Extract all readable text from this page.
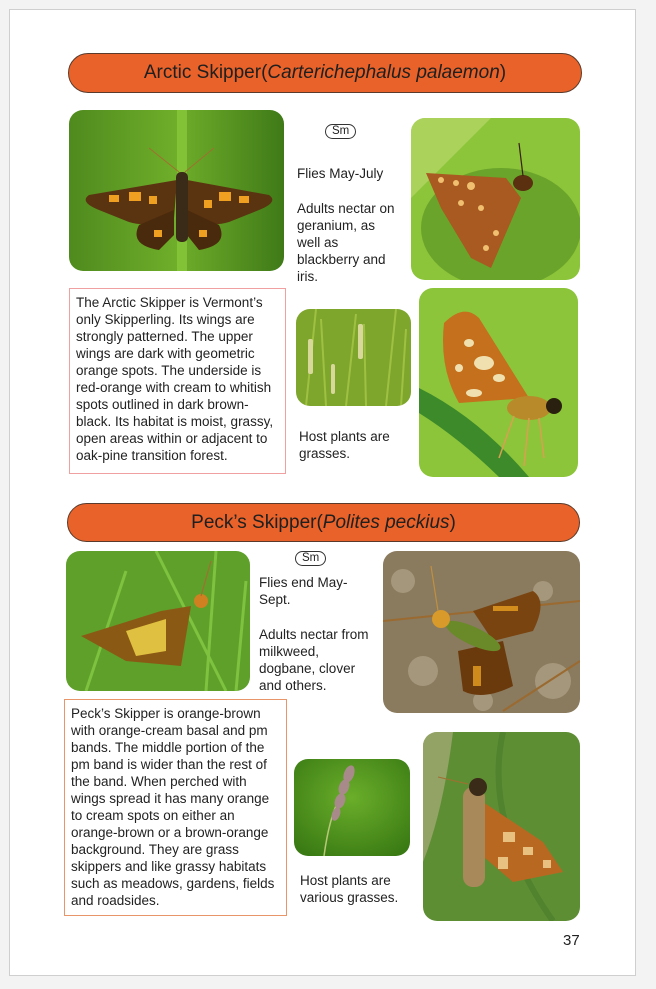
Arctic Skipper ( Carterichephalus palaemon )
Sm
Flies May-July
Adults nectar on geranium, as well as blackberry and iris.
The Arctic Skipper is Vermont’s only Skipperling. Its wings are strongly patterned. The upper wings are dark with geometric orange spots. The underside is red-orange with cream to whitish spots outlined in dark brown-black. Its habitat is moist, grassy, open areas within or adjacent to oak-pine transition forest.
Host plants are grasses.
Peck’s Skipper ( Polites peckius )
Sm
Flies end May-Sept.
Adults nectar from milkweed, dogbane, clover and others.
Peck’s Skipper is orange-brown with orange-cream basal and pm bands. The middle portion of the pm band is wider than the rest of the band. When perched with wings spread it has many orange to cream spots on either an orange-brown or a brown-orange background. They are grass skippers and like grassy habitats such as meadows, gardens, fields and roadsides.
Host plants are various grasses.
37
